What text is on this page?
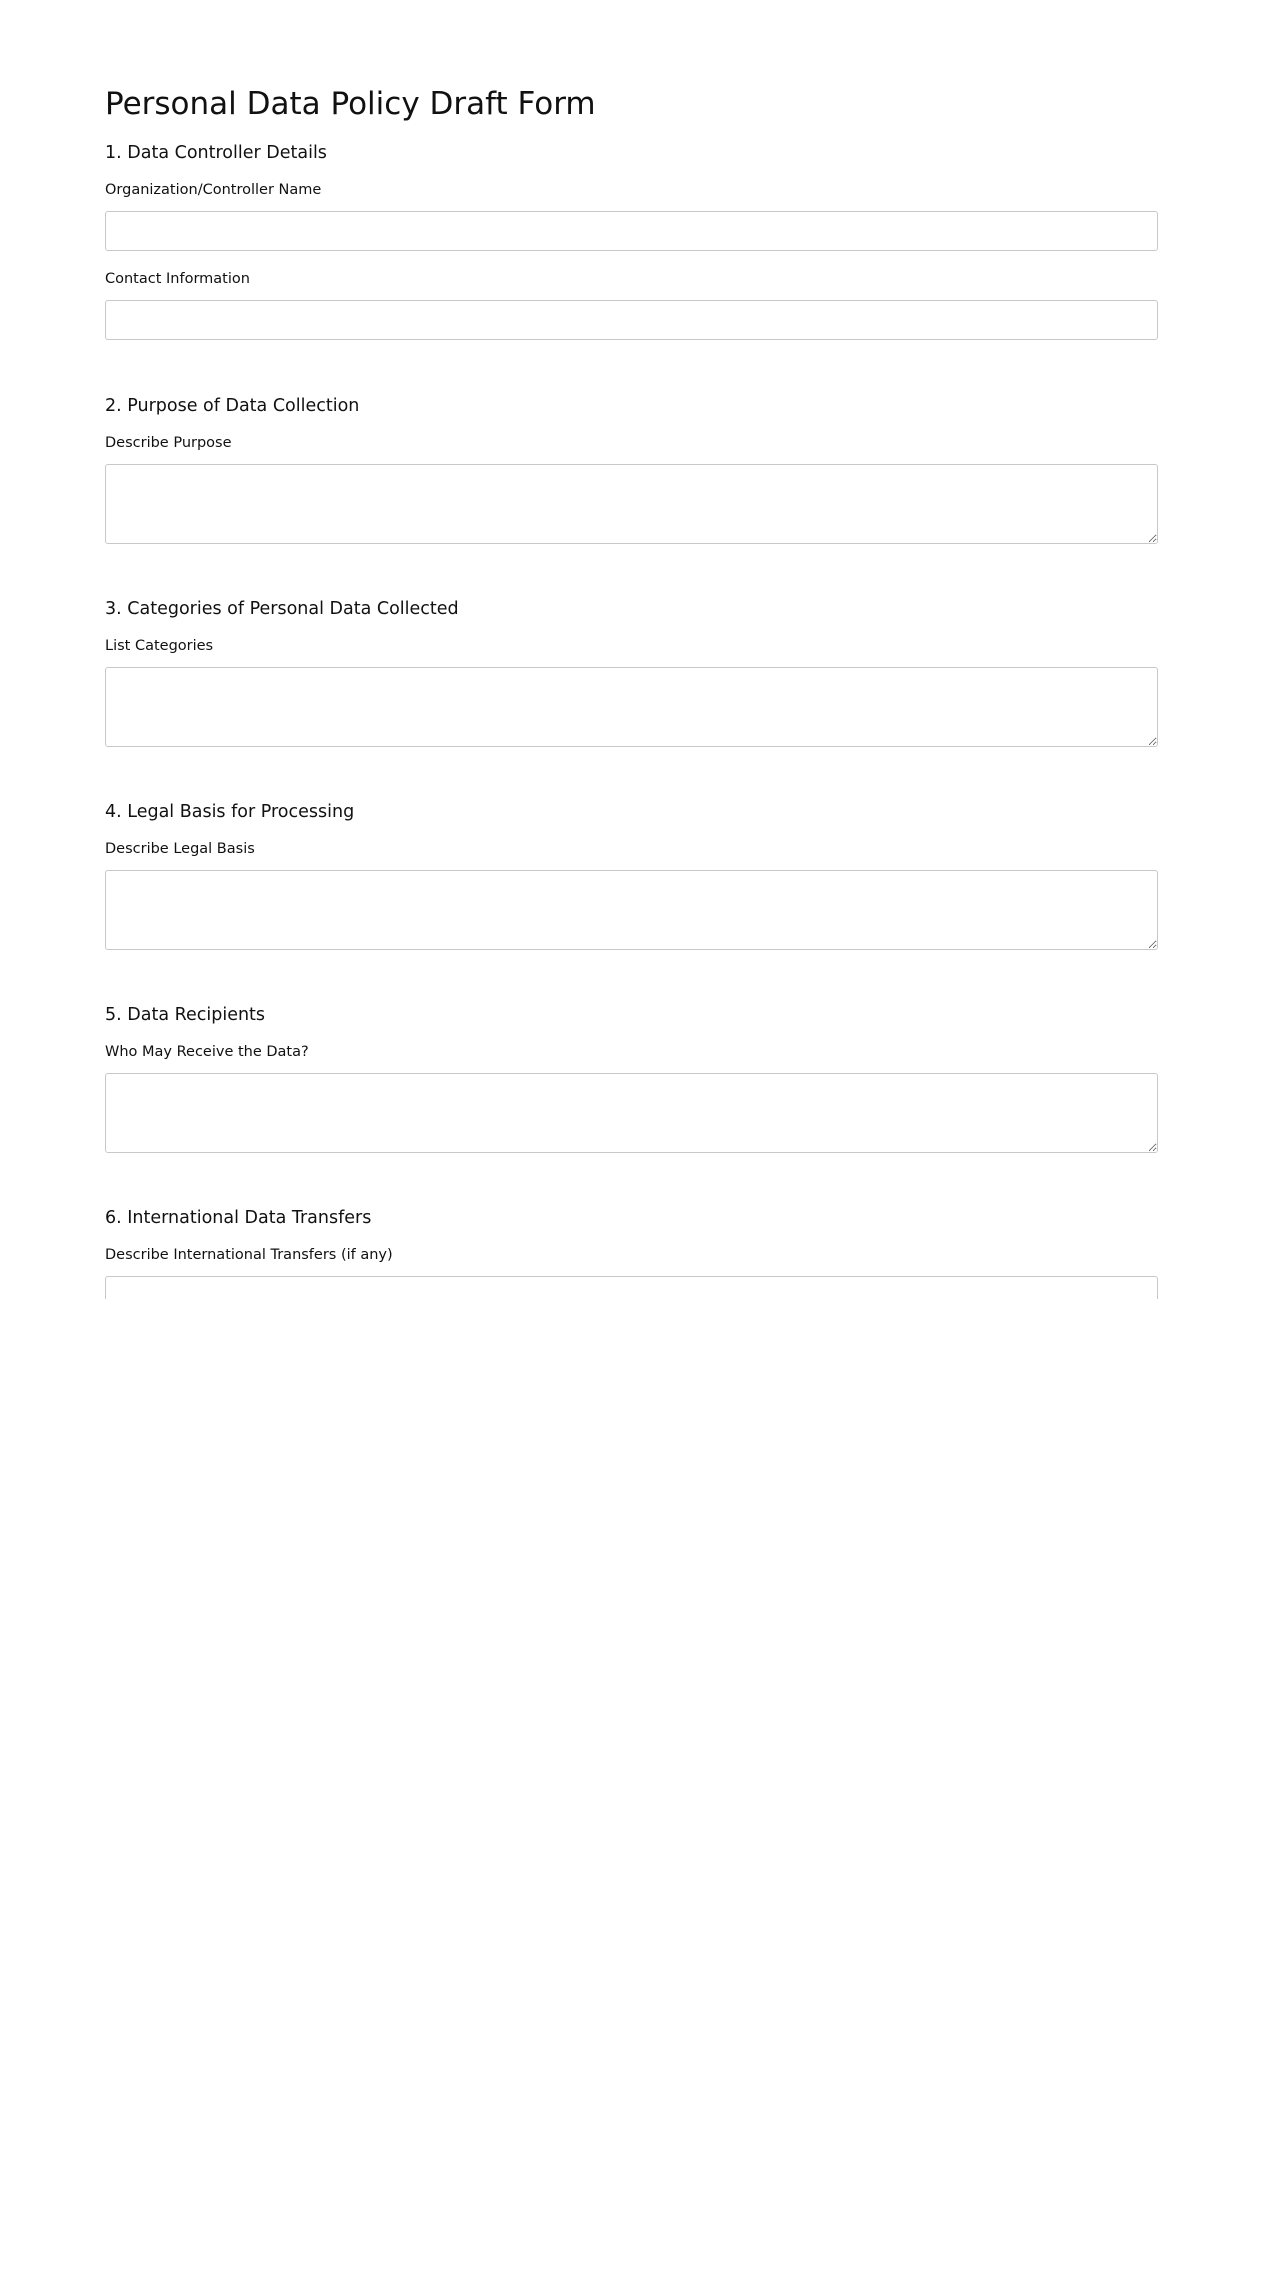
Personal Data Policy Draft Form
1. Data Controller Details
Organization/Controller Name
Contact Information
2. Purpose of Data Collection
Describe Purpose
3. Categories of Personal Data Collected
List Categories
4. Legal Basis for Processing
Describe Legal Basis
5. Data Recipients
Who May Receive the Data?
6. International Data Transfers
Describe International Transfers (if any)
